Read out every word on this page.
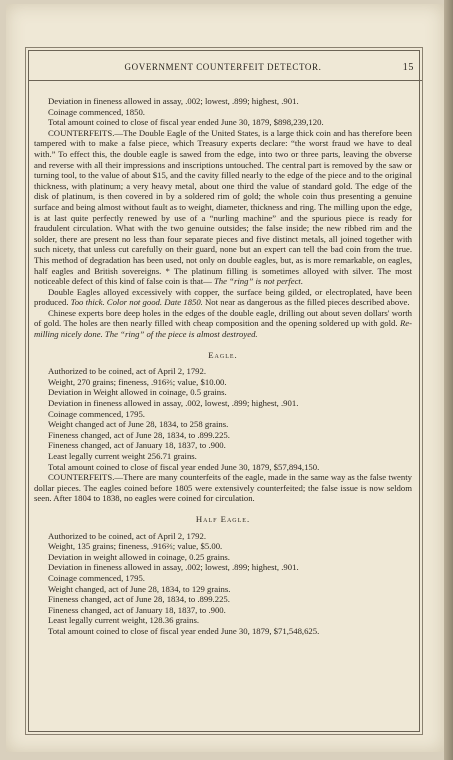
GOVERNMENT COUNTERFEIT DETECTOR.	15

Deviation in fineness allowed in assay, .002; lowest, .899; highest, .901.

Coinage commenced, 1850.

Total amount coined to close of fiscal year ended June 30, 1879, $898,239,120.

COUNTERFEITS.—The Double Eagle of the United States, is a large thick coin and has therefore been tampered with to make a false piece, which Treasury experts declare: “the worst fraud we have to deal with.” To effect this, the double eagle is sawed from the edge, into two or three parts, leaving the obverse and reverse with all their impressions and inscriptions untouched. The central part is removed by the saw or turning tool, to the value of about $15, and the cavity filled nearly to the edge of the piece and to the original thickness, with platinum; a very heavy metal, about one third the value of standard gold. The edge of the disk of platinum, is then covered in by a soldered rim of gold; the whole coin thus presenting a genuine surface and being almost without fault as to weight, diameter, thickness and ring. The milling upon the edge, is at last quite perfectly renewed by use of a “nurling machine” and the spurious piece is ready for fraudulent circulation. What with the two genuine outsides; the false inside; the new ribbed rim and the solder, there are present no less than four separate pieces and five distinct metals, all joined together with such nicety, that unless cut carefully on their guard, none but an expert can tell the bad coin from the true. This method of degradation has been used, not only on double eagles, but, as is more remarkable, on eagles, half eagles and British sovereigns. * The platinum filling is sometimes alloyed with silver. The most noticeable defect of this kind of false coin is that— The “ring” is not perfect.

Double Eagles alloyed excessively with copper, the surface being gilded, or electroplated, have been produced. Too thick. Color not good. Date 1850. Not near as dangerous as the filled pieces described above.

Chinese experts bore deep holes in the edges of the double eagle, drilling out about seven dollars' worth of gold. The holes are then nearly filled with cheap composition and the opening soldered up with gold. Re-milling nicely done. The “ring” of the piece is almost destroyed.

Eagle.

Authorized to be coined, act of April 2, 1792.

Weight, 270 grains; fineness, .916⅔; value, $10.00.

Deviation in Weight allowed in coinage, 0.5 grains.

Deviation in fineness allowed in assay, .002, lowest, .899; highest, .901.

Coinage commenced, 1795.

Weight changed act of June 28, 1834, to 258 grains.

Fineness changed, act of June 28, 1834, to .899.225.

Fineness changed, act of January 18, 1837, to .900.

Least legally current weight 256.71 grains.

Total amount coined to close of fiscal year ended June 30, 1879, $57,894,150.

COUNTERFEITS.—There are many counterfeits of the eagle, made in the same way as the false twenty dollar pieces. The eagles coined before 1805 were extensively counterfeited; the false issue is now seldom seen. After 1804 to 1838, no eagles were coined for circulation.

Half Eagle.

Authorized to be coined, act of April 2, 1792.

Weight, 135 grains; fineness, .916⅔; value, $5.00.

Deviation in weight allowed in coinage, 0.25 grains.

Deviation in fineness allowed in assay, .002; lowest, .899; highest, .901.

Coinage commenced, 1795.

Weight changed, act of June 28, 1834, to 129 grains.

Fineness changed, act of June 28, 1834, to .899.225.

Fineness changed, act of January 18, 1837, to .900.

Least legally current weight, 128.36 grains.

Total amount coined to close of fiscal year ended June 30, 1879, $71,548,625.
